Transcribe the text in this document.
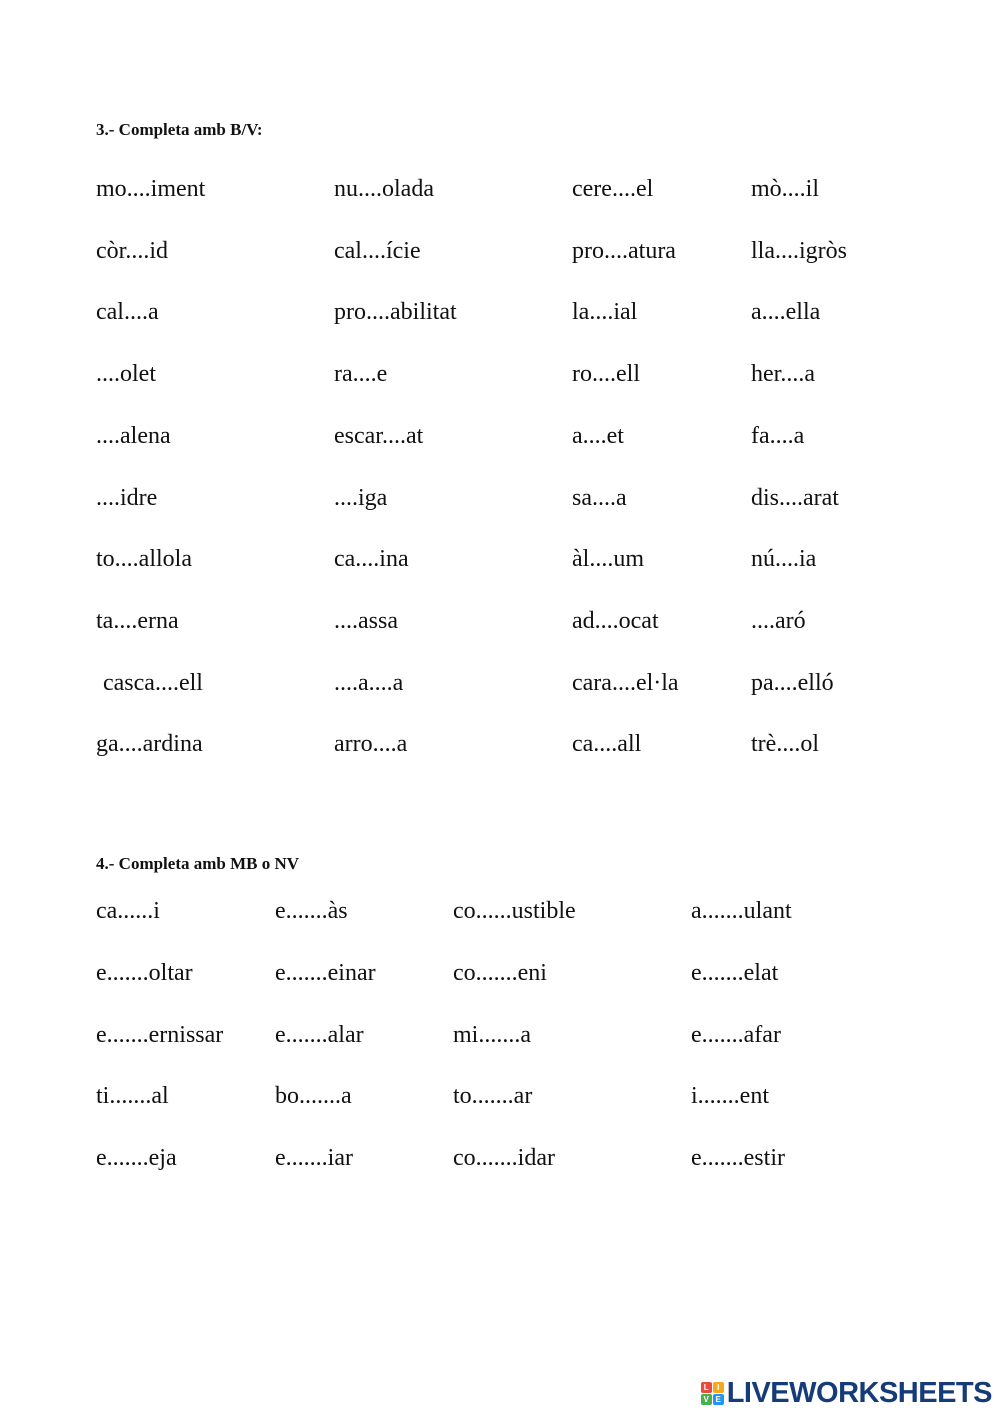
3.- Completa amb B/V:
mo....iment	nu....olada	cere....el	mò....il
còr....id	cal....ície	pro....atura	lla....igròs
cal....a	pro....abilitat	la....ial	a....ella
....olet	ra....e	ro....ell	her....a
....alena	escar....at	a....et	fa....a
....idre	....iga	sa....a	dis....arat
to....allola	ca....ina	àl....um	nú....ia
ta....erna	....assa	ad....ocat	....aró
casca....ell	....a....a	cara....el·la	pa....elló
ga....ardina	arro....a	ca....all	trè....ol
4.- Completa amb MB o NV
ca......i	e.......às	co......ustible	a.......ulant
e.......oltar	e.......einar	co.......eni	e.......elat
e.......ernissar e.......alar	mi.......a	e.......afar
ti.......al	bo.......a	to.......ar	i.......ent
e.......eja	e.......iar	co.......idar	e.......estir
L	I
V E LIVEWORKSHEETS
